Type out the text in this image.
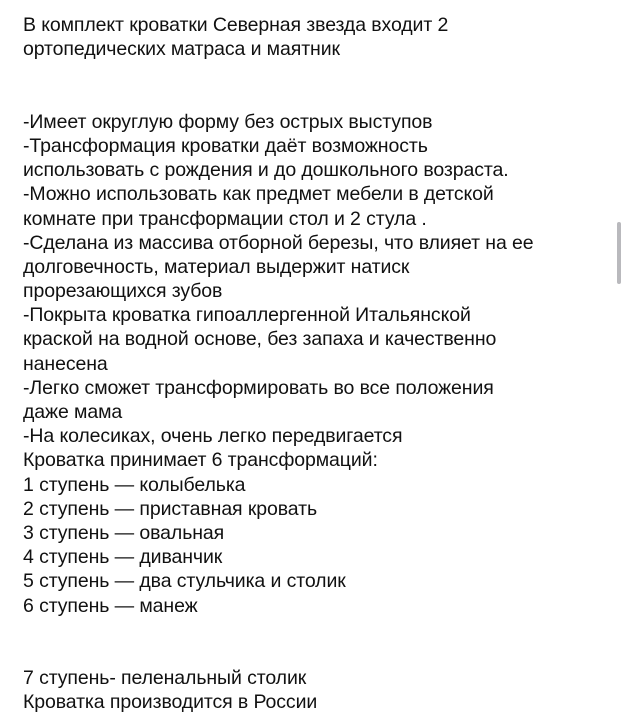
В комплект кроватки Северная звезда входит 2
ортопедических матраса и маятник
-Имеет округлую форму без острых выступов
-Трансформация кроватки даёт возможность
использовать с рождения и до дошкольного возраста.
-Можно использовать как предмет мебели в детской
комнате при трансформации стол и 2 стула .
-Сделана из массива отборной березы, что влияет на ее
долговечность, материал выдержит натиск
прорезающихся зубов
-Покрыта кроватка гипоаллергенной Итальянской
краской на водной основе, без запаха и качественно
нанесена
-Легко сможет трансформировать во все положения
даже мама
-На колесиках, очень легко передвигается
Кроватка принимает 6 трансформаций:
1 ступень — колыбелька
2 ступень — приставная кровать
3 ступень — овальная
4 ступень — диванчик
5 ступень — два стульчика и столик
6 ступень — манеж
7 ступень- пеленальный столик
Кроватка производится в России
